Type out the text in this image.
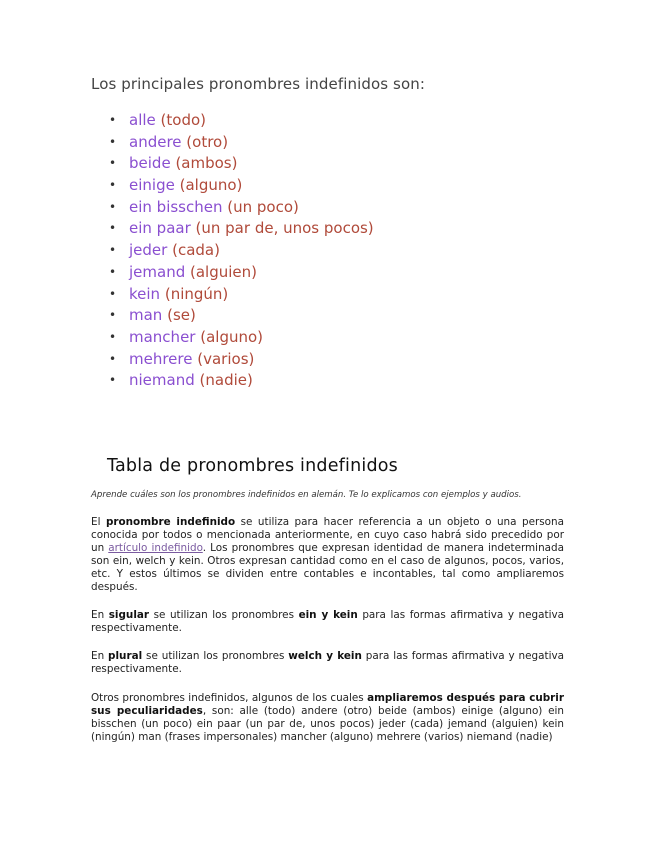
Los principales pronombres indefinidos son:
• alle (todo)
• andere (otro)
• beide (ambos)
• einige (alguno)
• ein bisschen (un poco)
• ein paar (un par de, unos pocos)
• jeder (cada)
• jemand (alguien)
• kein (ningún)
• man (se)
• mancher (alguno)
• mehrere (varios)
• niemand (nadie)
Tabla de pronombres indefinidos
Aprende cuáles son los pronombres indefinidos en alemán. Te lo explicamos con ejemplos y audios.
El pronombre indefinido se utiliza para hacer referencia a un objeto o una persona conocida por todos o mencionada anteriormente, en cuyo caso habrá sido precedido por un artículo indefinido. Los pronombres que expresan identidad de manera indeterminada son ein, welch y kein. Otros expresan cantidad como en el caso de algunos, pocos, varios, etc. Y estos últimos se dividen entre contables e incontables, tal como ampliaremos después.
En sigular se utilizan los pronombres ein y kein para las formas afirmativa y negativa respectivamente.
En plural se utilizan los pronombres welch y kein para las formas afirmativa y negativa respectivamente.
Otros pronombres indefinidos, algunos de los cuales ampliaremos después para cubrir sus peculiaridades, son: alle (todo) andere (otro) beide (ambos) einige (alguno) ein bisschen (un poco) ein paar (un par de, unos pocos) jeder (cada) jemand (alguien) kein (ningún) man (frases impersonales) mancher (alguno) mehrere (varios) niemand (nadie)
